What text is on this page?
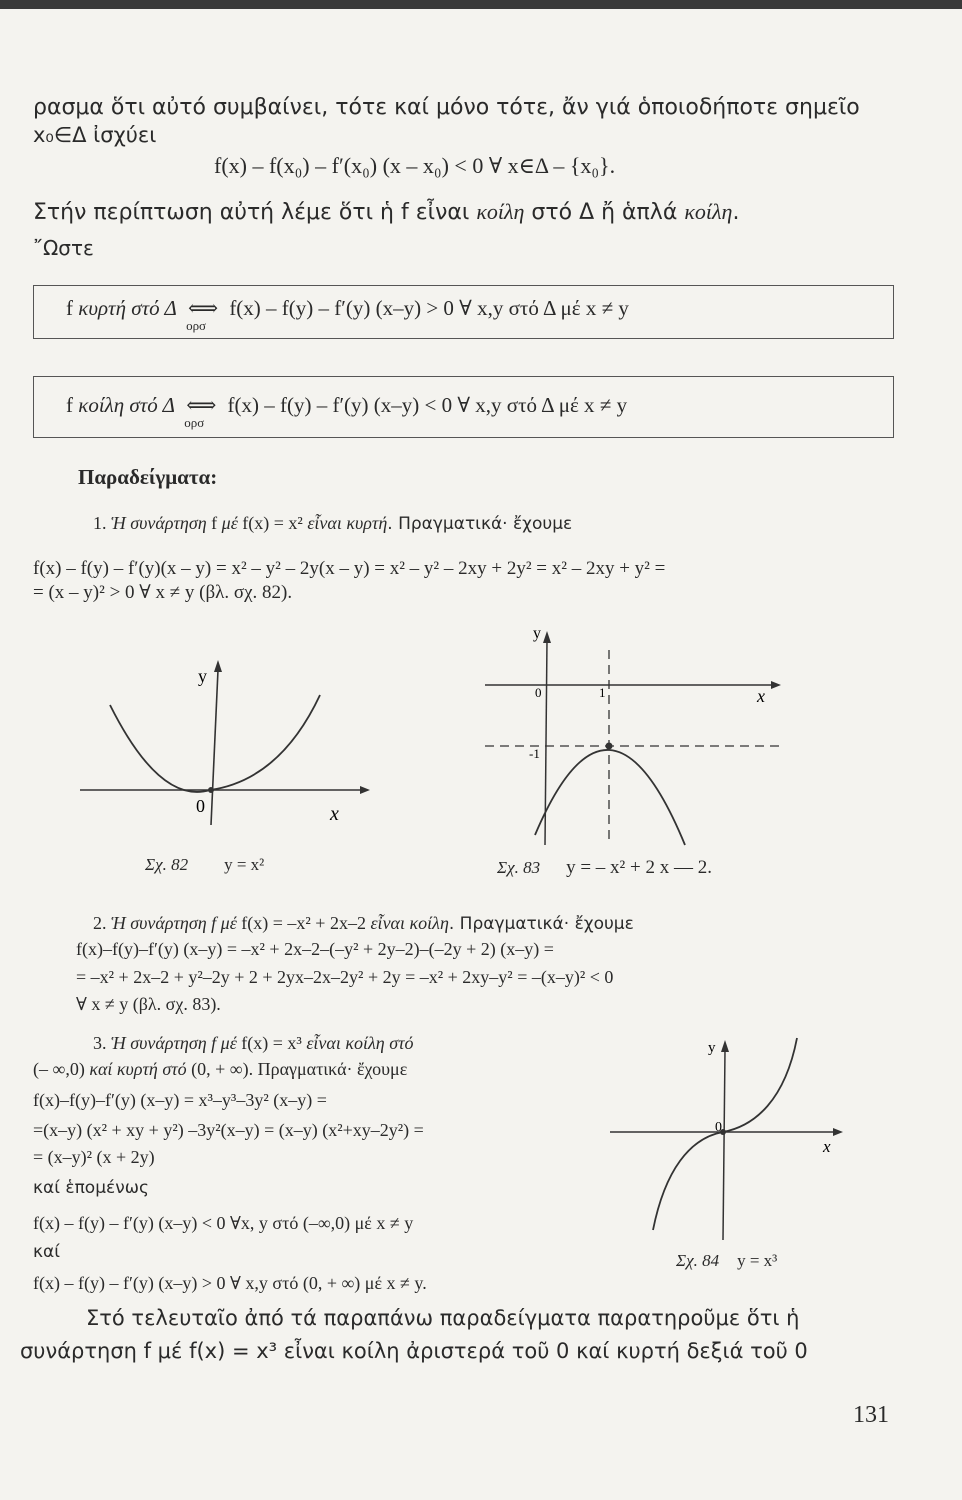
ρασμα ὅτι αὐτό συμβαίνει, τότε καί μόνο τότε, ἄν γιά ὁποιοδήποτε σημεῖο
x₀∈Δ ἰσχύει
f(x) – f(x₀) – f′(x₀) (x – x₀) < 0 ∀ x∈Δ – {x₀}.
Στήν περίπτωση αὐτή λέμε ὅτι ἡ f εἶναι κοίλη στό Δ ἤ ἁπλά κοίλη.
῎Ωστε
f κυρτή στό Δ ⟺
ορσ
f(x) – f(y) – f′(y) (x–y) > 0 ∀ x,y στό Δ μέ x ≠ y
f κοίλη στό Δ ⟺
ορσ
f(x) – f(y) – f′(y) (x–y) < 0 ∀ x,y στό Δ μέ x ≠ y
Παραδείγματα:
1. Ἡ συνάρτηση f μέ f(x) = x² εἶναι κυρτή. Πραγματικά· ἔχουμε
f(x) – f(y) – f′(y)(x – y) = x² – y² – 2y(x – y) = x² – y² – 2xy + 2y² = x² – 2xy + y² =
= (x – y)² > 0 ∀ x ≠ y (βλ. σχ. 82).
y
x
0
Σχ. 82 y = x²
y
x
0	1
-1
Σχ. 83 y = – x² + 2 x — 2.
2. Ἡ συνάρτηση f μέ f(x) = –x² + 2x–2 εἶναι κοίλη. Πραγματικά· ἔχουμε
f(x)–f(y)–f′(y) (x–y) = –x² + 2x–2–(–y² + 2y–2)–(–2y + 2) (x–y) =
= –x² + 2x–2 + y²–2y + 2 + 2yx–2x–2y² + 2y = –x² + 2xy–y² = –(x–y)² < 0
∀ x ≠ y (βλ. σχ. 83).
3. Ἡ συνάρτηση f μέ f(x) = x³ εἶναι κοίλη στό
(– ∞,0) καί κυρτή στό (0, + ∞). Πραγματικά· ἔχουμε
f(x)–f(y)–f′(y) (x–y) = x³–y³–3y² (x–y) =
=(x–y) (x² + xy + y²) –3y²(x–y) = (x–y) (x²+xy–2y²) =
= (x–y)² (x + 2y)
καί ἑπομένως
f(x) – f(y) – f′(y) (x–y) < 0 ∀x, y στό (–∞,0) μέ x ≠ y
καί
f(x) – f(y) – f′(y) (x–y) > 0 ∀ x,y στό (0, + ∞) μέ x ≠ y.
y
x
0
Σχ. 84 y = x³
Στό τελευταῖο ἀπό τά παραπάνω παραδείγματα παρατηροῦμε ὅτι ἡ
συνάρτηση f μέ f(x) = x³ εἶναι κοίλη ἀριστερά τοῦ 0 καί κυρτή δεξιά τοῦ 0
131
